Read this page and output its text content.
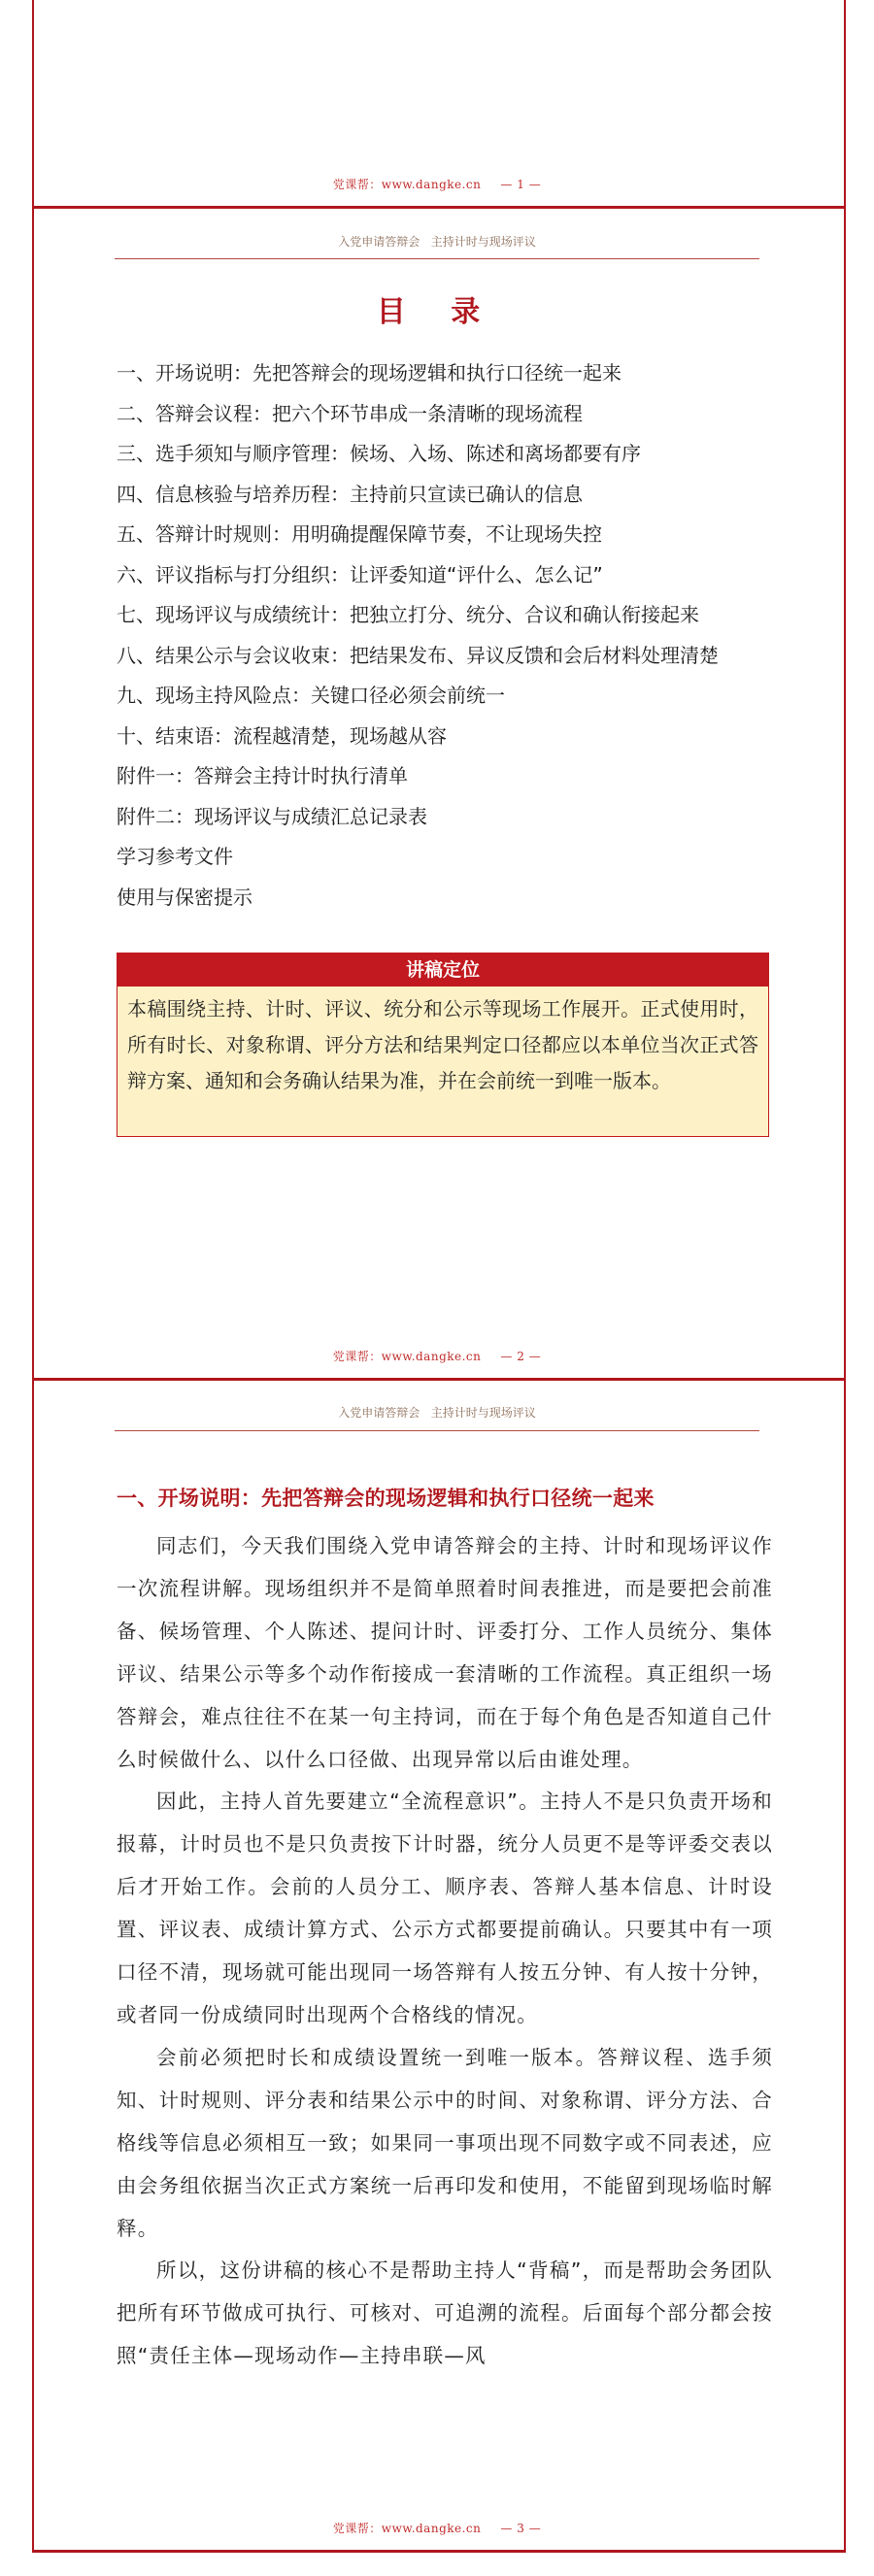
党课帮：www.dangke.cn — 1 —
入党申请答辩会 主持计时与现场评议
目 录
一、开场说明：先把答辩会的现场逻辑和执行口径统一起来
二、答辩会议程：把六个环节串成一条清晰的现场流程
三、选手须知与顺序管理：候场、入场、陈述和离场都要有序
四、信息核验与培养历程：主持前只宣读已确认的信息
五、答辩计时规则：用明确提醒保障节奏，不让现场失控
六、评议指标与打分组织：让评委知道“评什么、怎么记”
七、现场评议与成绩统计：把独立打分、统分、合议和确认衔接起来
八、结果公示与会议收束：把结果发布、异议反馈和会后材料处理清楚
九、现场主持风险点：关键口径必须会前统一
十、结束语：流程越清楚，现场越从容
附件一：答辩会主持计时执行清单
附件二：现场评议与成绩汇总记录表
学习参考文件
使用与保密提示
讲稿定位
本稿围绕主持、计时、评议、统分和公示等现场工作展开。正式使用时，所有时长、对象称谓、评分方法和结果判定口径都应以本单位当次正式答辩方案、通知和会务确认结果为准，并在会前统一到唯一版本。
党课帮：www.dangke.cn — 2 —
入党申请答辩会 主持计时与现场评议
一、开场说明：先把答辩会的现场逻辑和执行口径统一起来

同志们，今天我们围绕入党申请答辩会的主持、计时和现场评议作一次流程讲解。现场组织并不是简单照着时间表推进，而是要把会前准备、候场管理、个人陈述、提问计时、评委打分、工作人员统分、集体评议、结果公示等多个动作衔接成一套清晰的工作流程。真正组织一场答辩会，难点往往不在某一句主持词，而在于每个角色是否知道自己什么时候做什么、以什么口径做、出现异常以后由谁处理。

因此，主持人首先要建立“全流程意识”。主持人不是只负责开场和报幕，计时员也不是只负责按下计时器，统分人员更不是等评委交表以后才开始工作。会前的人员分工、顺序表、答辩人基本信息、计时设置、评议表、成绩计算方式、公示方式都要提前确认。只要其中有一项口径不清，现场就可能出现同一场答辩有人按五分钟、有人按十分钟，或者同一份成绩同时出现两个合格线的情况。

会前必须把时长和成绩设置统一到唯一版本。答辩议程、选手须知、计时规则、评分表和结果公示中的时间、对象称谓、评分方法、合格线等信息必须相互一致；如果同一事项出现不同数字或不同表述，应由会务组依据当次正式方案统一后再印发和使用，不能留到现场临时解释。

所以，这份讲稿的核心不是帮助主持人“背稿”，而是帮助会务团队把所有环节做成可执行、可核对、可追溯的流程。后面每个部分都会按照“责任主体—现场动作—主持串联—风

党课帮：www.dangke.cn — 3 —
